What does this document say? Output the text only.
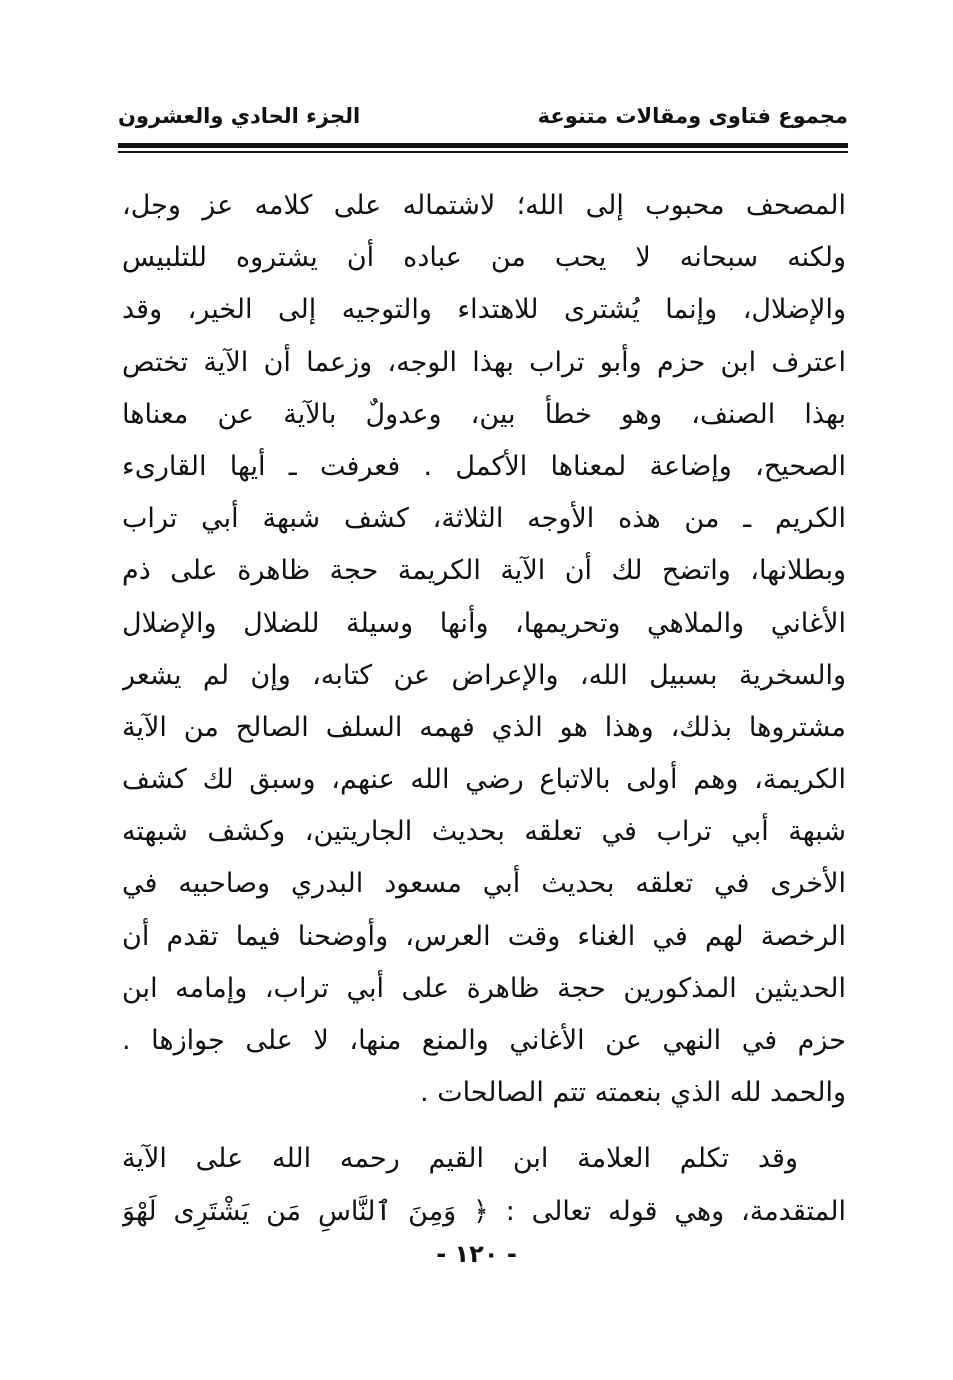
مجموع فتاوى ومقالات متنوعة
الجزء الحادي والعشرون
المصحف محبوب إلى الله؛ لاشتماله على كلامه عز وجل،
ولكنه سبحانه لا يحب من عباده أن يشتروه للتلبيس
والإضلال، وإنما يُشترى للاهتداء والتوجيه إلى الخير، وقد
اعترف ابن حزم وأبو تراب بهذا الوجه، وزعما أن الآية تختص
بهذا الصنف، وهو خطأ بين، وعدولٌ بالآية عن معناها
الصحيح، وإضاعة لمعناها الأكمل . فعرفت ـ أيها القارىء
الكريم ـ من هذه الأوجه الثلاثة، كشف شبهة أبي تراب
وبطلانها، واتضح لك أن الآية الكريمة حجة ظاهرة على ذم
الأغاني والملاهي وتحريمها، وأنها وسيلة للضلال والإضلال
والسخرية بسبيل الله، والإعراض عن كتابه، وإن لم يشعر
مشتروها بذلك، وهذا هو الذي فهمه السلف الصالح من الآية
الكريمة، وهم أولى بالاتباع رضي الله عنهم، وسبق لك كشف
شبهة أبي تراب في تعلقه بحديث الجاريتين، وكشف شبهته
الأخرى في تعلقه بحديث أبي مسعود البدري وصاحبيه في
الرخصة لهم في الغناء وقت العرس، وأوضحنا فيما تقدم أن
الحديثين المذكورين حجة ظاهرة على أبي تراب، وإمامه ابن
حزم في النهي عن الأغاني والمنع منها، لا على جوازها .
والحمد لله الذي بنعمته تتم الصالحات .
وقد تكلم العلامة ابن القيم رحمه الله على الآية
المتقدمة، وهي قوله تعالى : ﴿ وَمِنَ ٱلنَّاسِ مَن يَشْتَرِى لَهْوَ
- ١٢٠ -
